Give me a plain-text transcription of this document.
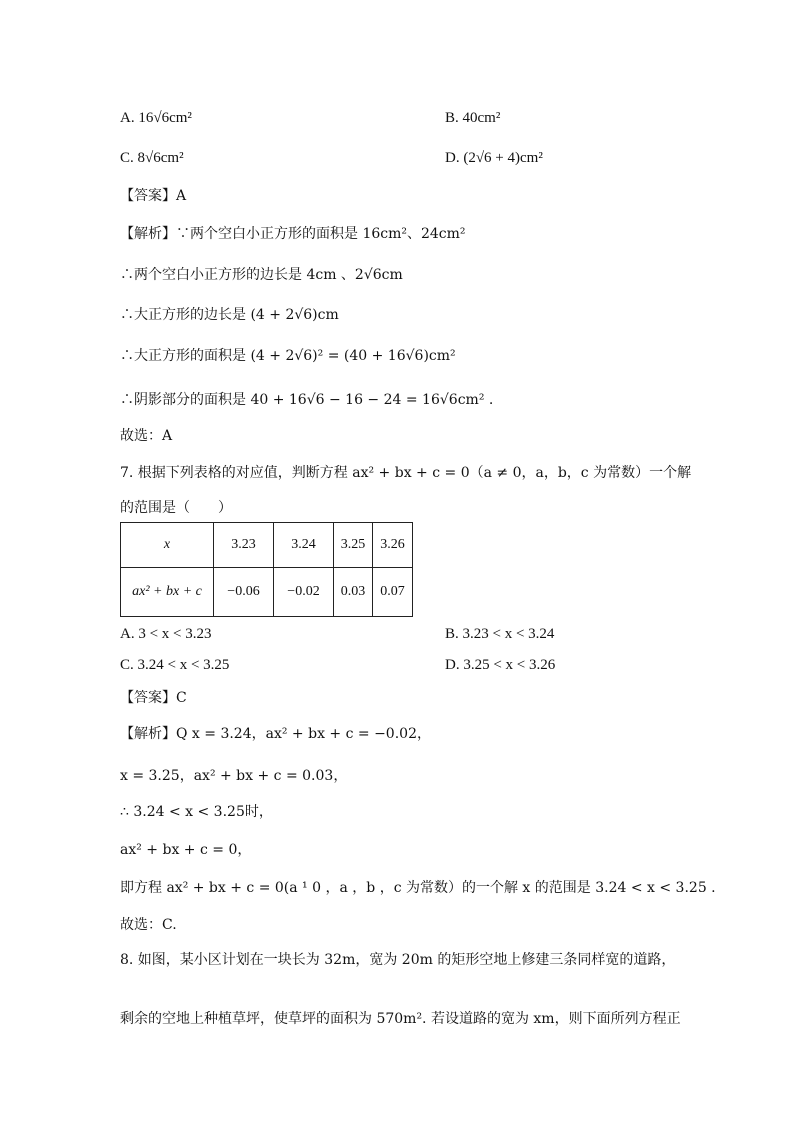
A. 16√6cm²	B. 40cm²
C. 8√6cm²	D. (2√6 + 4)cm²
【答案】A
【解析】∵两个空白小正方形的面积是 16cm²、24cm²
∴两个空白小正方形的边长是 4cm 、2√6cm
∴大正方形的边长是 (4 + 2√6)cm
∴大正方形的面积是 (4 + 2√6)² = (40 + 16√6)cm²
∴阴影部分的面积是 40 + 16√6 − 16 − 24 = 16√6cm² .
故选：A
7. 根据下列表格的对应值，判断方程 ax² + bx + c = 0（a ≠ 0，a，b，c 为常数）一个解
的范围是（　　）
x	3.23	3.24	3.25	3.26
ax² + bx + c	−0.06	−0.02	0.03	0.07
A. 3 < x < 3.23	B. 3.23 < x < 3.24
C. 3.24 < x < 3.25	D. 3.25 < x < 3.26
【答案】C
【解析】Q x = 3.24，ax² + bx + c = −0.02，
x = 3.25，ax² + bx + c = 0.03，
∴ 3.24 < x < 3.25时，
ax² + bx + c = 0，
即方程 ax² + bx + c = 0(a ¹ 0 ，a ，b ，c 为常数）的一个解 x 的范围是 3.24 < x < 3.25 .
故选：C.
8. 如图，某小区计划在一块长为 32m，宽为 20m 的矩形空地上修建三条同样宽的道路，
剩余的空地上种植草坪，使草坪的面积为 570m². 若设道路的宽为 xm，则下面所列方程正
